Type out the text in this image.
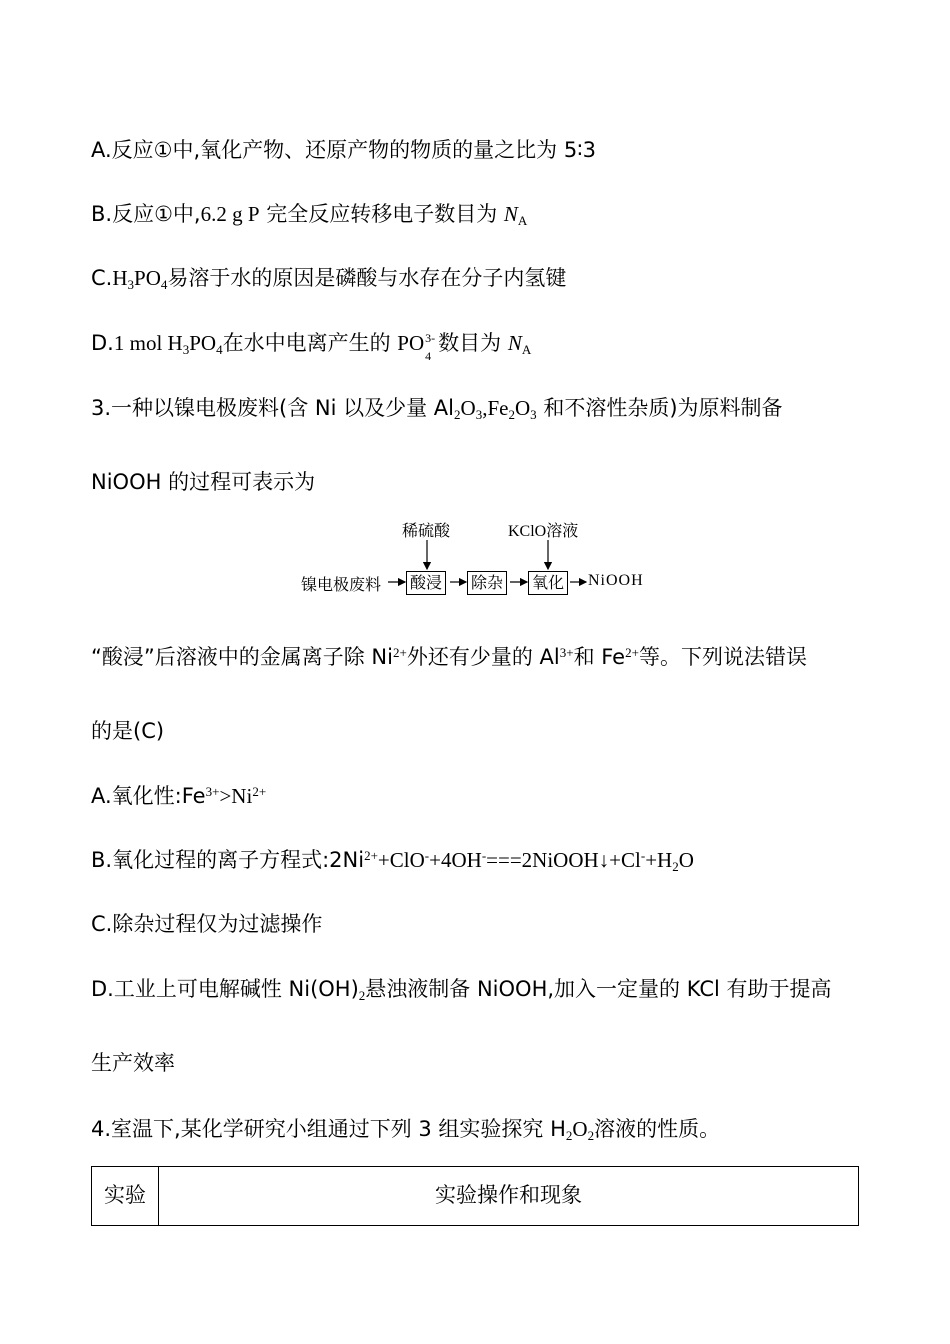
A.反应①中,氧化产物、还原产物的物质的量之比为 5∶3
B.反应①中,6.2 g P 完全反应转移电子数目为 $N_A$
$C.H_3PO_4$易溶于水的原因是磷酸与水存在分子内氢键
D.1 mol $H_3PO_4$在水中电离产生的 PO 3-
4
数目为 $N_A$
3.一种以镍电极废料(含 Ni 以及少量 $Al_2O_3,Fe_2O_3$ 和不溶性杂质)为原料制备
NiOOH 的过程可表示为
稀硫酸	KClO溶液
镍电极废料 酸浸 除杂 氧化 NiOOH
“酸浸”后溶液中的金属离子除 $Ni^{2+}$外还有少量的 $Al^{3+}$和 $Fe^{2+}$等。下列说法错误
的是(C)
A.氧化性$:Fe^{3+}>Ni^{2+}$
B.氧化过程的离子方程式$:2Ni^{2+}+ClO^-+4OH^-===2NiOOH↓+Cl^-+H_2O$
C.除杂过程仅为过滤操作
D.工业上可电解碱性 $Ni(OH)_2$悬浊液制备 NiOOH,加入一定量的 KCl 有助于提高
生产效率
4.室温下,某化学研究小组通过下列 3 组实验探究 $H_2O_2$溶液的性质。
实验	实验操作和现象
